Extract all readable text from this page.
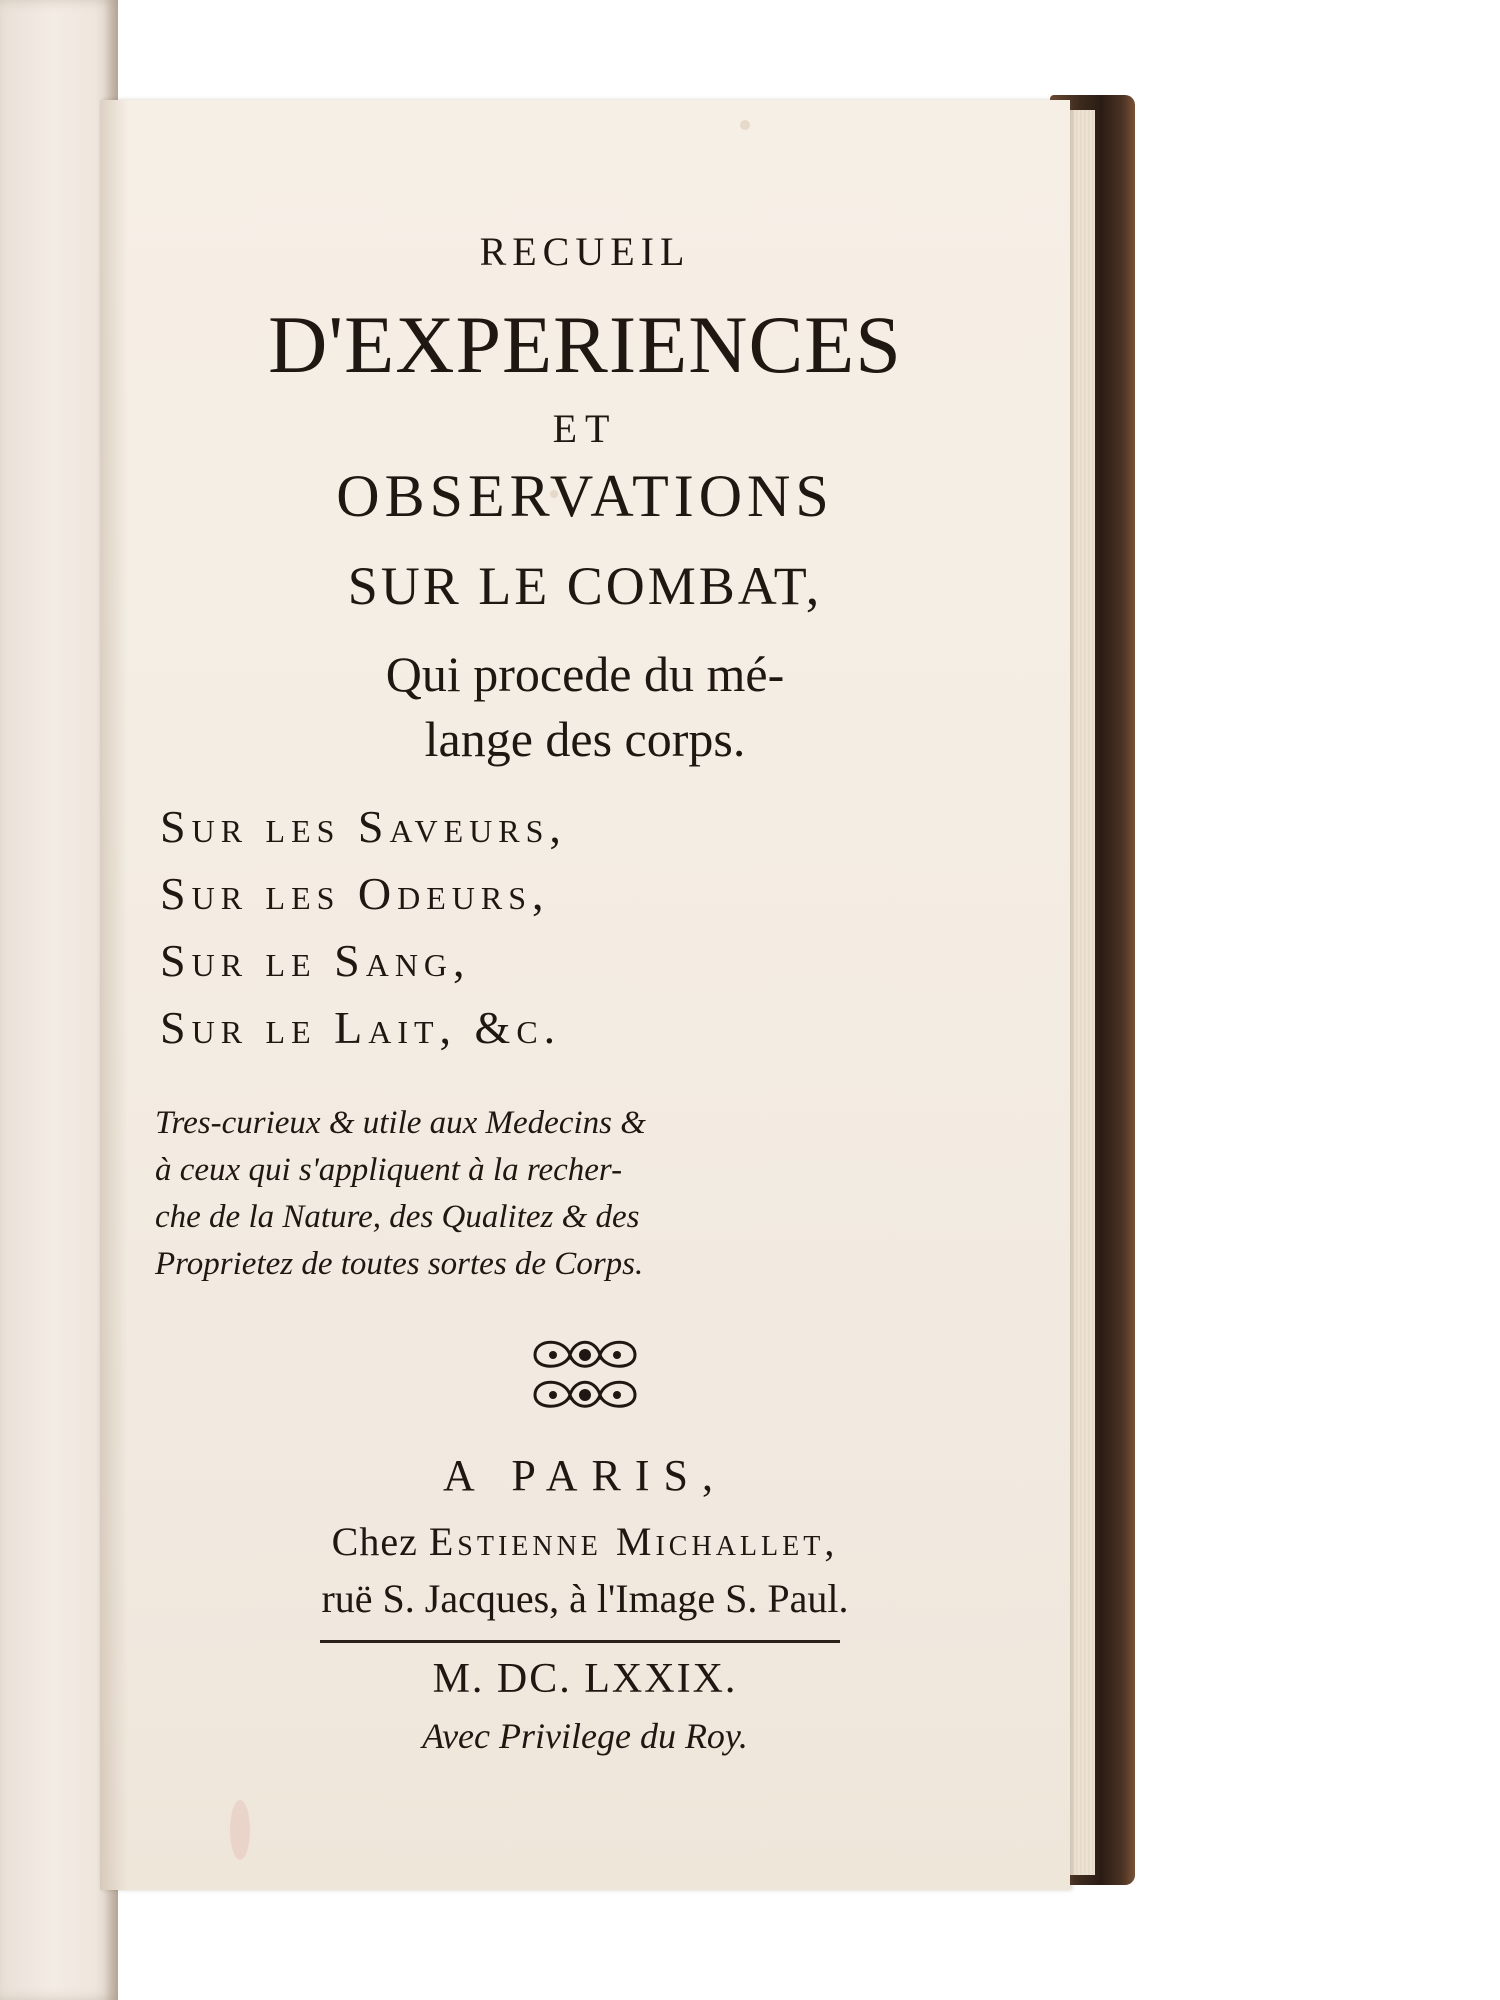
RECUEIL

D'EXPERIENCES

ET

OBSERVATIONS

SUR LE COMBAT,

Qui procede du mé-

lange des corps.

Sur les Saveurs,

Sur les Odeurs,

Sur le Sang,

Sur le Lait, &c.

Tres-curieux & utile aux Medecins &

à ceux qui s'appliquent à la recher-

che de la Nature, des Qualitez & des

Proprietez de toutes sortes de Corps.

A PARIS,

Chez Estienne Michallet,

ruë S. Jacques, à l'Image S. Paul.

M. DC. LXXIX.

Avec Privilege du Roy.
